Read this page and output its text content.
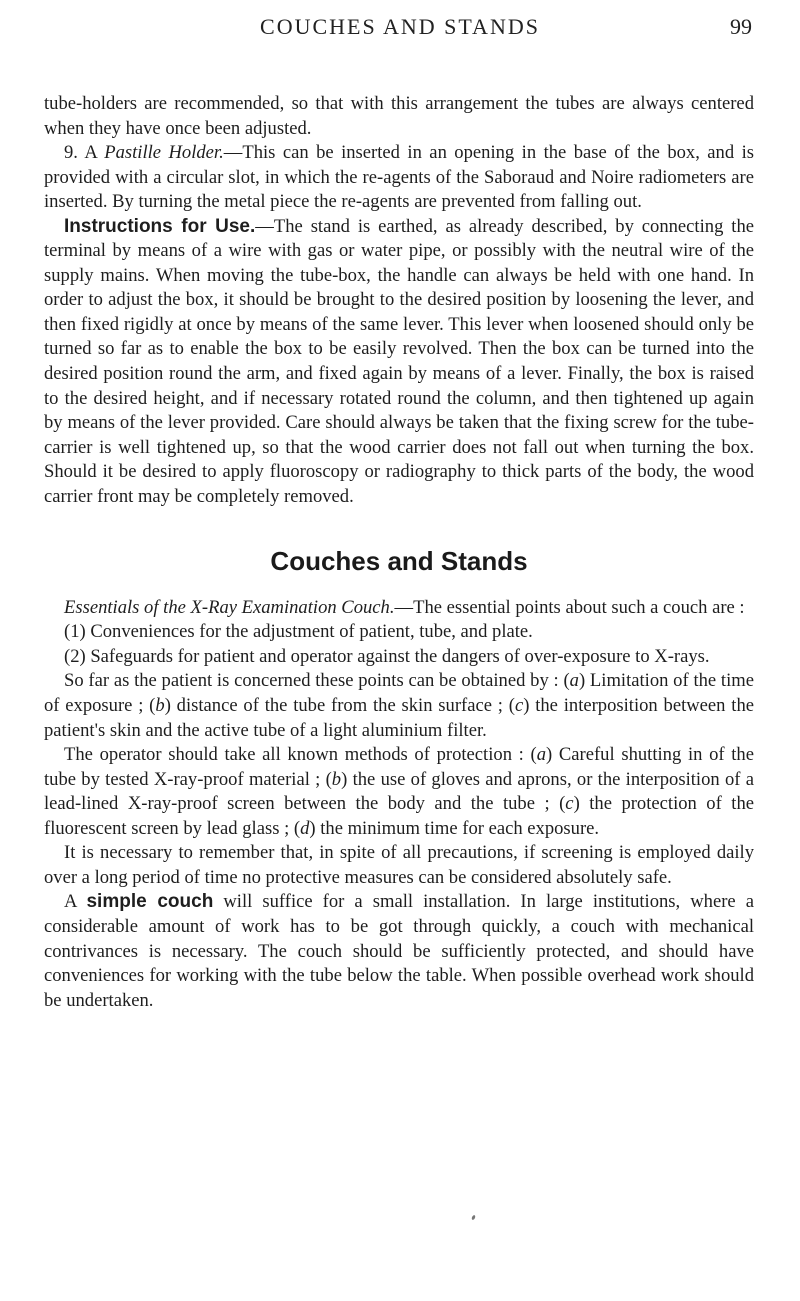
COUCHES AND STANDS	99

tube-holders are recommended, so that with this arrangement the tubes are always centered when they have once been adjusted.

9. A Pastille Holder.—This can be inserted in an opening in the base of the box, and is provided with a circular slot, in which the re-agents of the Saboraud and Noire radiometers are inserted. By turning the metal piece the re-agents are prevented from falling out.

Instructions for Use.—The stand is earthed, as already described, by connecting the terminal by means of a wire with gas or water pipe, or possibly with the neutral wire of the supply mains. When moving the tube-box, the handle can always be held with one hand. In order to adjust the box, it should be brought to the desired position by loosening the lever, and then fixed rigidly at once by means of the same lever. This lever when loosened should only be turned so far as to enable the box to be easily revolved. Then the box can be turned into the desired position round the arm, and fixed again by means of a lever. Finally, the box is raised to the desired height, and if necessary rotated round the column, and then tightened up again by means of the lever provided. Care should always be taken that the fixing screw for the tube-carrier is well tightened up, so that the wood carrier does not fall out when turning the box. Should it be desired to apply fluoroscopy or radiography to thick parts of the body, the wood carrier front may be completely removed.

Couches and Stands

Essentials of the X-Ray Examination Couch.—The essential points about such a couch are :

(1) Conveniences for the adjustment of patient, tube, and plate.

(2) Safeguards for patient and operator against the dangers of over-exposure to X-rays.

So far as the patient is concerned these points can be obtained by : (a) Limitation of the time of exposure ; (b) distance of the tube from the skin surface ; (c) the interposition between the patient's skin and the active tube of a light aluminium filter.

The operator should take all known methods of protection : (a) Careful shutting in of the tube by tested X-ray-proof material ; (b) the use of gloves and aprons, or the interposition of a lead-lined X-ray-proof screen between the body and the tube ; (c) the protection of the fluorescent screen by lead glass ; (d) the minimum time for each exposure.

It is necessary to remember that, in spite of all precautions, if screening is employed daily over a long period of time no protective measures can be considered absolutely safe.

A simple couch will suffice for a small installation. In large institutions, where a considerable amount of work has to be got through quickly, a couch with mechanical contrivances is necessary. The couch should be sufficiently protected, and should have conveniences for working with the tube below the table. When possible overhead work should be undertaken.
